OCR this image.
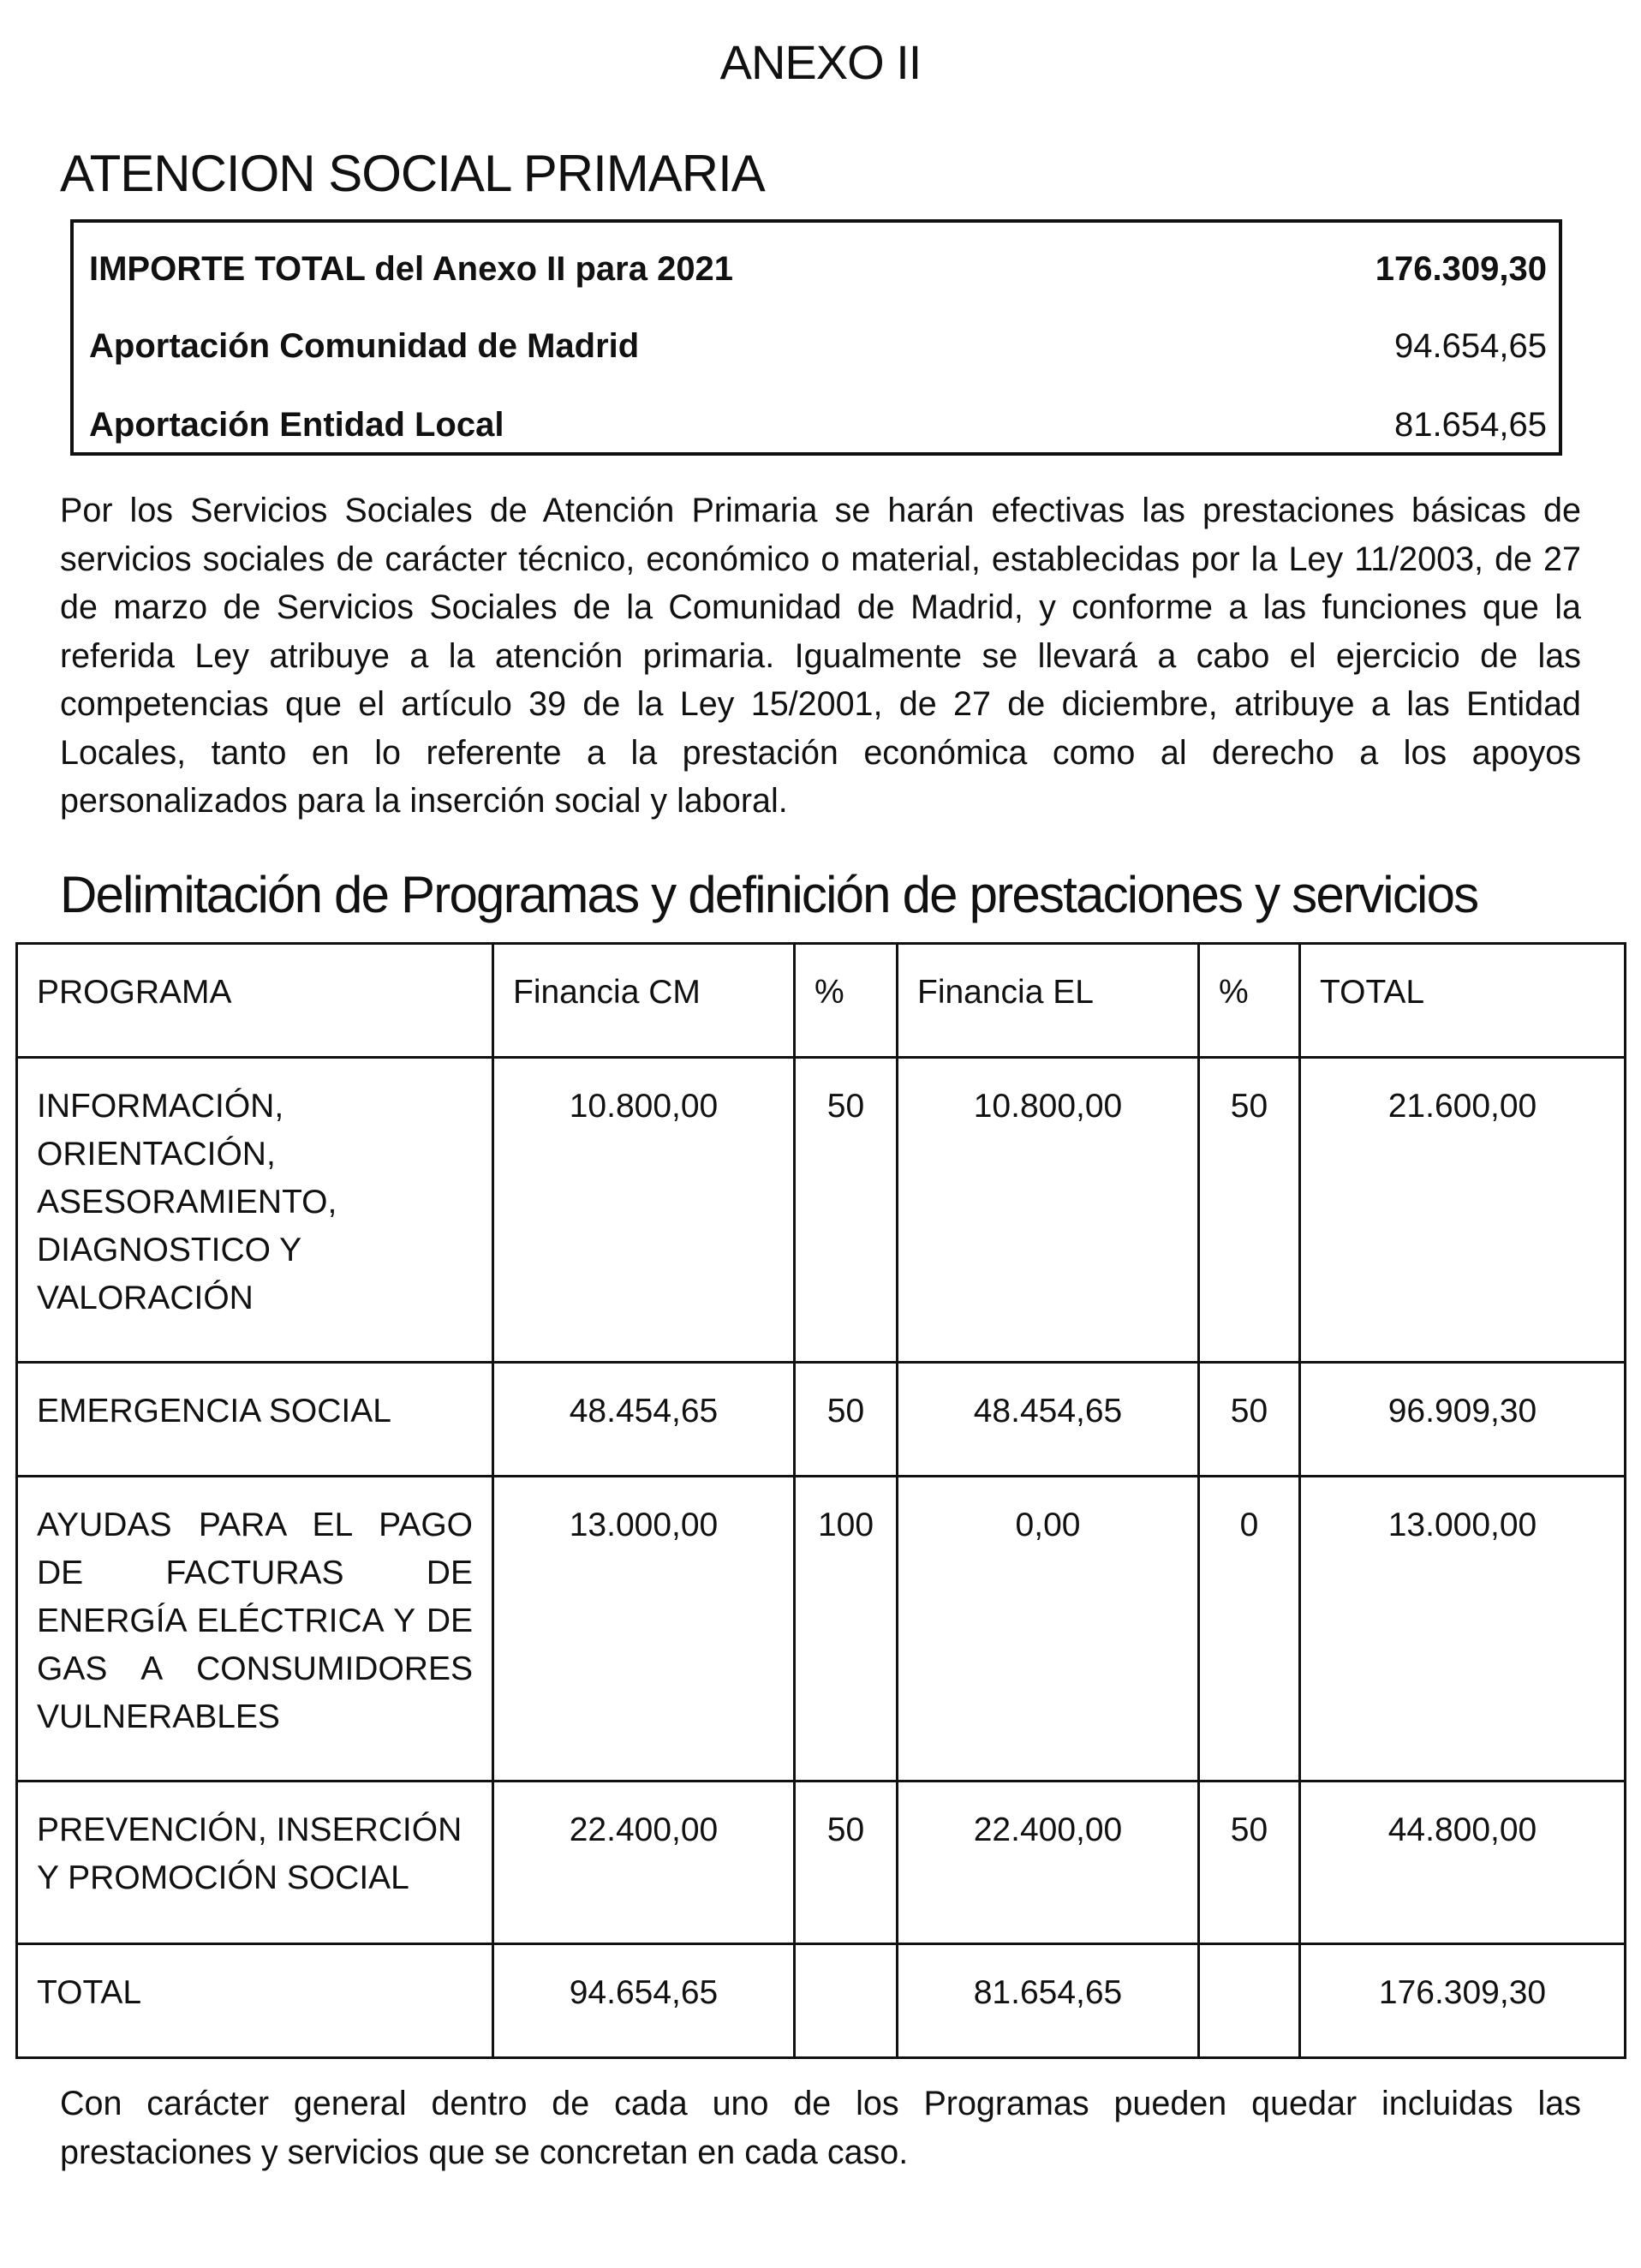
ANEXO II
ATENCION SOCIAL PRIMARIA
IMPORTE TOTAL del Anexo II para 2021	176.309,30
Aportación Comunidad de Madrid	94.654,65
Aportación Entidad Local	81.654,65

Por los Servicios Sociales de Atención Primaria se harán efectivas las prestaciones básicas de servicios sociales de carácter técnico, económico o material, establecidas por la Ley 11/2003, de 27 de marzo de Servicios Sociales de la Comunidad de Madrid, y conforme a las funciones que la referida Ley atribuye a la atención primaria. Igualmente se llevará a cabo el ejercicio de las competencias que el artículo 39 de la Ley 15/2001, de 27 de diciembre, atribuye a las Entidad Locales, tanto en lo referente a la prestación económica como al derecho a los apoyos personalizados para la inserción social y laboral.

Delimitación de Programas y definición de prestaciones y servicios
PROGRAMA	Financia CM	%	Financia EL	%	TOTAL
INFORMACIÓN, ORIENTACIÓN, ASESORAMIENTO, DIAGNOSTICO Y VALORACIÓN	10.800,00	50	10.800,00	50	21.600,00
EMERGENCIA SOCIAL	48.454,65	50	48.454,65	50	96.909,30
AYUDAS PARA EL PAGO DE FACTURAS DE ENERGÍA ELÉCTRICA Y DE GAS A CONSUMIDORES VULNERABLES	13.000,00	100	0,00	0	13.000,00
PREVENCIÓN, INSERCIÓN Y PROMOCIÓN SOCIAL	22.400,00	50	22.400,00	50	44.800,00
TOTAL	94.654,65		81.654,65		176.309,30

Con carácter general dentro de cada uno de los Programas pueden quedar incluidas las prestaciones y servicios que se concretan en cada caso.
